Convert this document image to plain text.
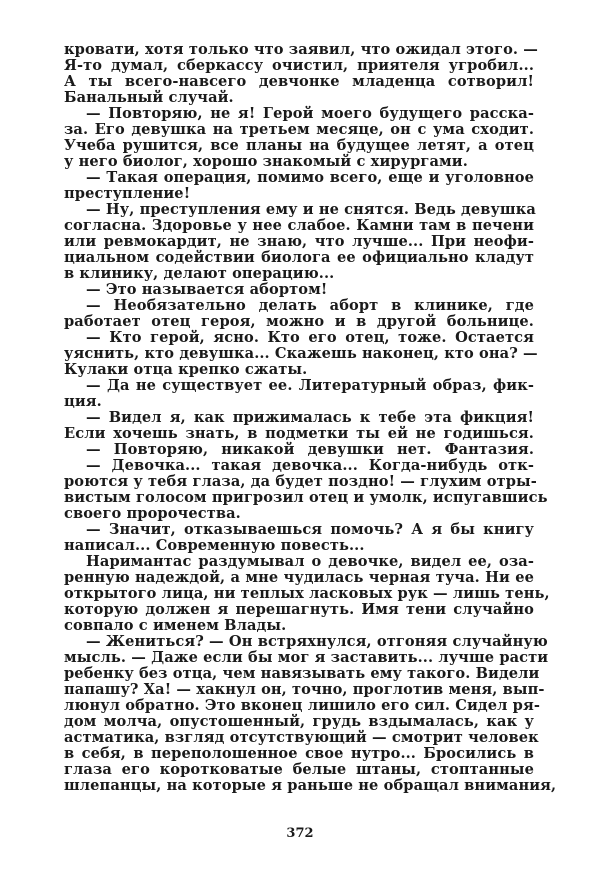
кровати, хотя только что заявил, что ожидал этого. —
Я-то думал, сберкассу очистил, приятеля угробил...
А ты всего-навсего девчонке младенца сотворил!
Банальный случай.
— Повторяю, не я! Герой моего будущего расска-
за. Его девушка на третьем месяце, он с ума сходит.
Учеба рушится, все планы на будущее летят, а отец
у него биолог, хорошо знакомый с хирургами.
— Такая операция, помимо всего, еще и уголовное
преступление!
— Ну, преступления ему и не снятся. Ведь девушка
согласна. Здоровье у нее слабое. Камни там в печени
или ревмокардит, не знаю, что лучше... При неофи-
циальном содействии биолога ее официально кладут
в клинику, делают операцию...
— Это называется абортом!
— Необязательно делать аборт в клинике, где
работает отец героя, можно и в другой больнице.
— Кто герой, ясно. Кто его отец, тоже. Остается
уяснить, кто девушка... Скажешь наконец, кто она? —
Кулаки отца крепко сжаты.
— Да не существует ее. Литературный образ, фик-
ция.
— Видел я, как прижималась к тебе эта фикция!
Если хочешь знать, в подметки ты ей не годишься.
— Повторяю, никакой девушки нет. Фантазия.
— Девочка... такая девочка... Когда-нибудь отк-
роются у тебя глаза, да будет поздно! — глухим отры-
вистым голосом пригрозил отец и умолк, испугавшись
своего пророчества.
— Значит, отказываешься помочь? А я бы книгу
написал... Современную повесть...
Наримантас раздумывал о девочке, видел ее, оза-
ренную надеждой, а мне чудилась черная туча. Ни ее
открытого лица, ни теплых ласковых рук — лишь тень,
которую должен я перешагнуть. Имя тени случайно
совпало с именем Влады.
— Жениться? — Он встряхнулся, отгоняя случайную
мысль. — Даже если бы мог я заставить... лучше расти
ребенку без отца, чем навязывать ему такого. Видели
папашу? Ха! — хакнул он, точно, проглотив меня, вып-
люнул обратно. Это вконец лишило его сил. Сидел ря-
дом молча, опустошенный, грудь вздымалась, как у
астматика, взгляд отсутствующий — смотрит человек
в себя, в переполошенное свое нутро... Бросились в
глаза его коротковатые белые штаны, стоптанные
шлепанцы, на которые я раньше не обращал внимания,
372
